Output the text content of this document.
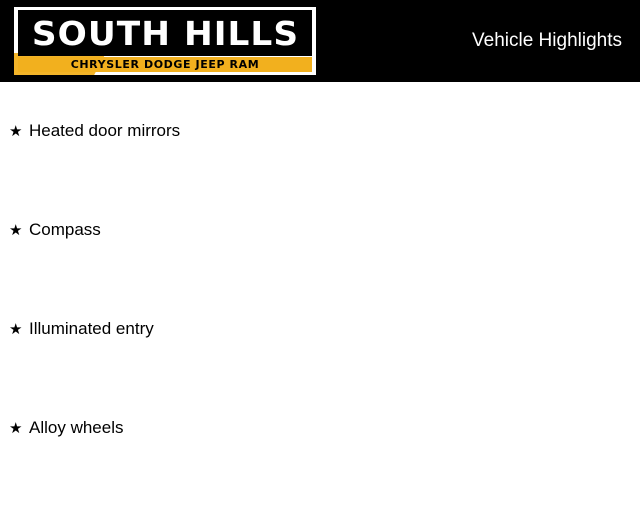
SOUTH HILLS
CHRYSLER DODGE JEEP RAM
Vehicle Highlights
★ Heated door mirrors
★ Compass
★ Illuminated entry
★ Alloy wheels
